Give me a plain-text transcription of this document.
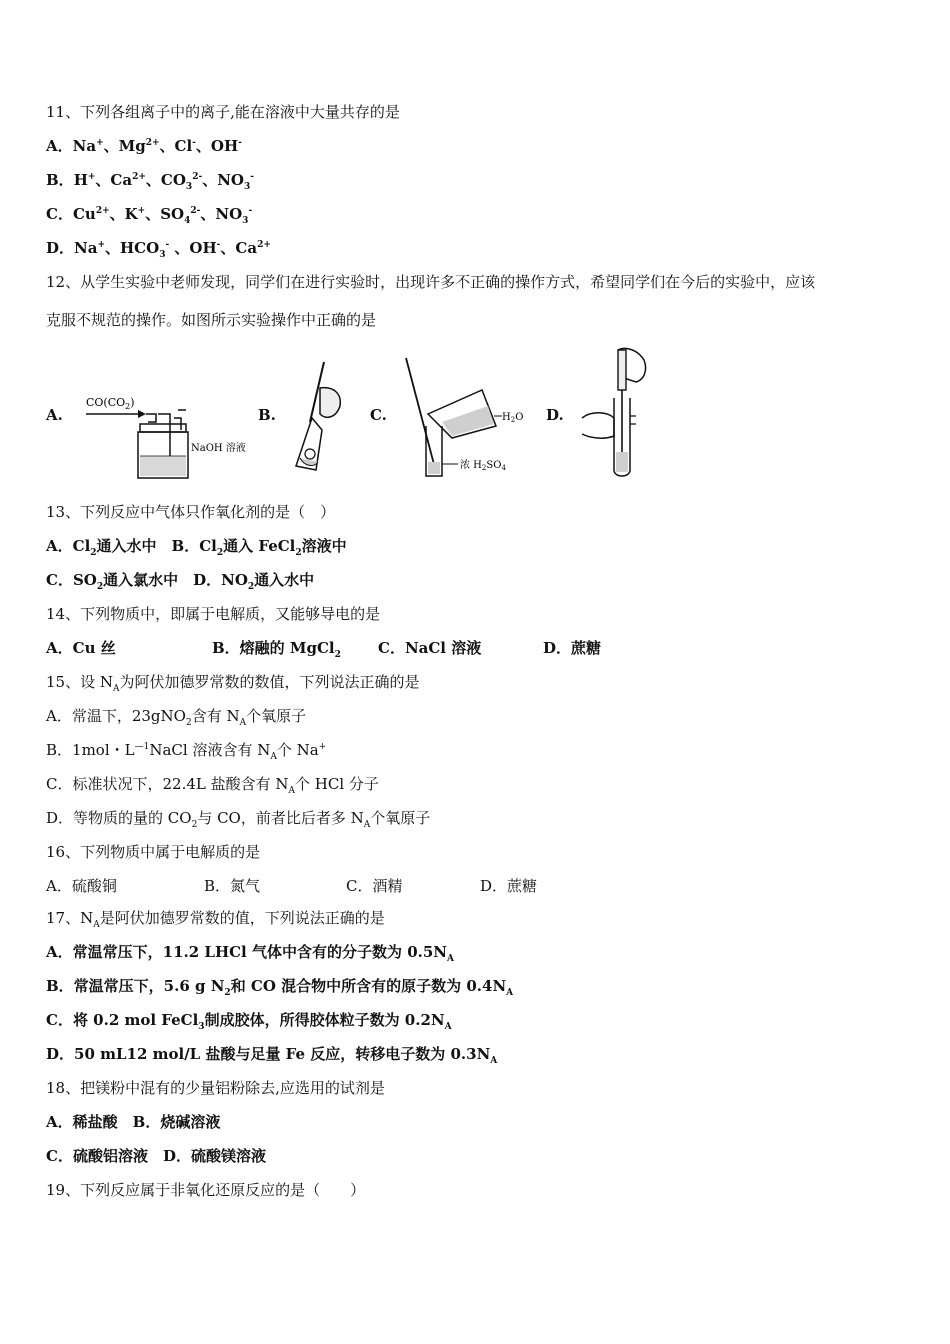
11、下列各组离子中的离子,能在溶液中大量共存的是
A．Na+、$Mg^{2+}$、Cl-、OH-
B．H+、$Ca^{2+}$、$CO_3^{2-}$、$NO_3^-$
C．$Cu^{2+}$、K+、$SO_4^{2-}$、$NO_3^-$
D．Na+、$HCO_3^-$ 、OH-、$Ca^{2+}$
12、从学生实验中老师发现，同学们在进行实验时，出现许多不正确的操作方式，希望同学们在今后的实验中，应该
克服不规范的操作。如图所示实验操作中正确的是
A.
$CO(CO_2)$
NaOH 溶液
B.	C.	$H_2O$
浓 $H_2SO_4$
D.
13、下列反应中气体只作氧化剂的是（　）
A．$Cl_2$通入水中　B．$Cl_2$通入 FeCl$_2$溶液中
C．$SO_2$通入氯水中　D．$NO_2$通入水中
14、下列物质中，即属于电解质，又能够导电的是
A．Cu 丝	B．熔融的 MgCl$_2$ C．NaCl 溶液	D．蔗糖
15、设 $N_A$为阿伏加德罗常数的数值，下列说法正确的是
A．常温下，23gNO$_2$含有 $N_A$个氧原子
B．1mol・$L^{—1}NaCl$ 溶液含有 $N_A$个 Na+
C．标准状况下，22.4L 盐酸含有 $N_A$个 HCl 分子
D．等物质的量的 $CO_2$与 CO，前者比后者多 $N_A$个氧原子
16、下列物质中属于电解质的是
A．硫酸铜	B．氮气	C．酒精	D．蔗糖
17、$N_A$是阿伏加德罗常数的值，下列说法正确的是
A．常温常压下，11.2 LHCl 气体中含有的分子数为 $0.5N_A$
B．常温常压下，5.6 g $N_2$和 CO 混合物中所含有的原子数为 $0.4N_A$
C．将 0.2 mol FeCl$_3$制成胶体，所得胶体粒子数为 $0.2N_A$
D．50 mL12 mol/L 盐酸与足量 Fe 反应，转移电子数为 $0.3N_A$
18、把镁粉中混有的少量铝粉除去,应选用的试剂是
A．稀盐酸　B．烧碱溶液
C．硫酸铝溶液　D．硫酸镁溶液
19、下列反应属于非氧化还原反应的是（　　）
